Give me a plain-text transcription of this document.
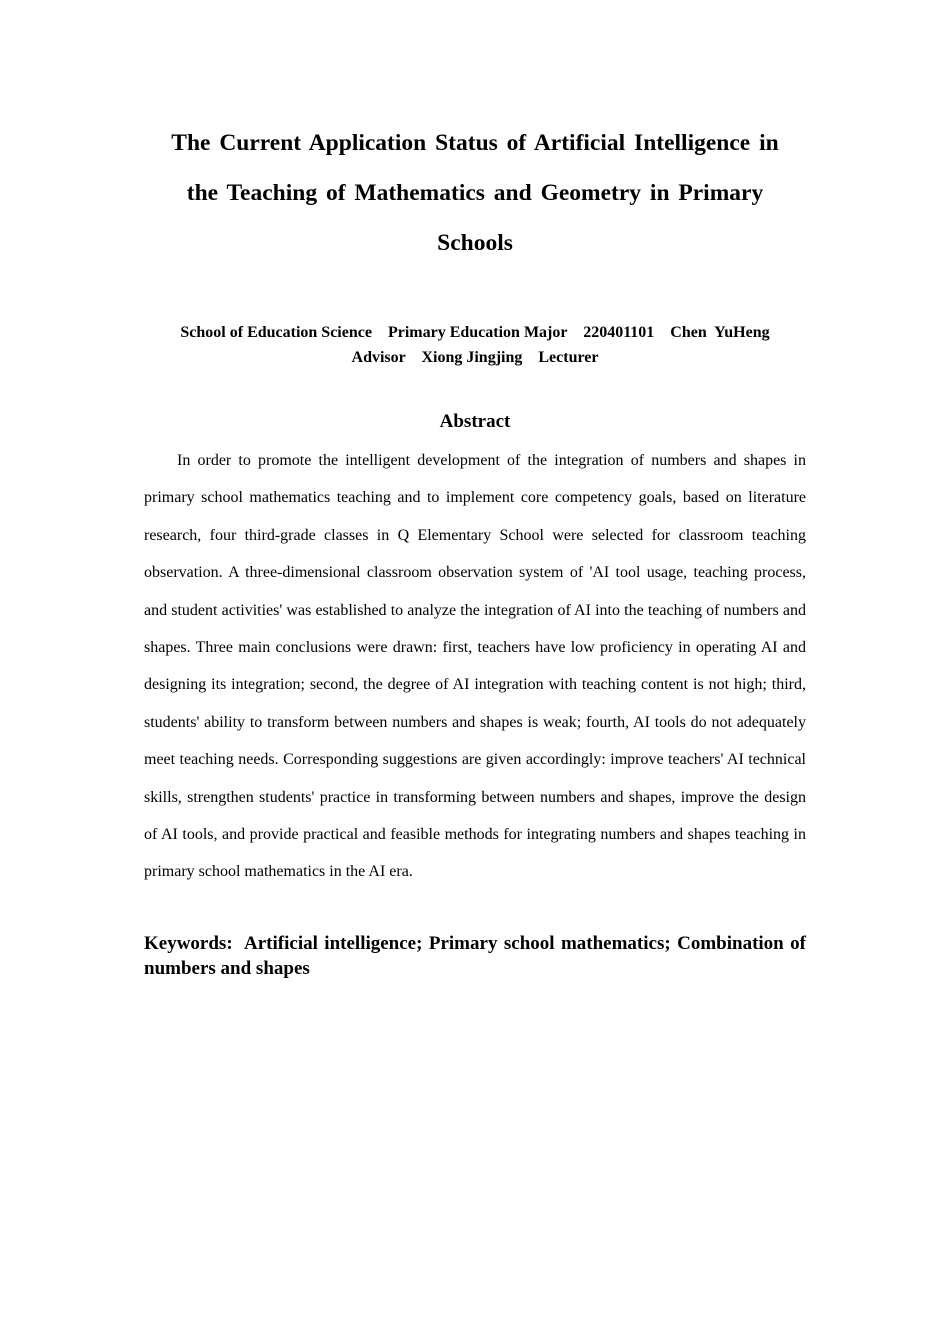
The Current Application Status of Artificial Intelligence in
the Teaching of Mathematics and Geometry in Primary
Schools
School of Education Science    Primary Education Major    220401101    Chen  YuHeng
Advisor    Xiong Jingjing    Lecturer
Abstract

In order to promote the intelligent development of the integration of numbers and shapes in primary school mathematics teaching and to implement core competency goals, based on literature research, four third-grade classes in Q Elementary School were selected for classroom teaching observation. A three-dimensional classroom observation system of 'AI tool usage, teaching process, and student activities' was established to analyze the integration of AI into the teaching of numbers and shapes. Three main conclusions were drawn: first, teachers have low proficiency in operating AI and designing its integration; second, the degree of AI integration with teaching content is not high; third, students' ability to transform between numbers and shapes is weak; fourth, AI tools do not adequately meet teaching needs. Corresponding suggestions are given accordingly: improve teachers' AI technical skills, strengthen students' practice in transforming between numbers and shapes, improve the design of AI tools, and provide practical and feasible methods for integrating numbers and shapes teaching in primary school mathematics in the AI era.

Keywords: Artificial intelligence; Primary school mathematics; Combination of numbers and shapes
